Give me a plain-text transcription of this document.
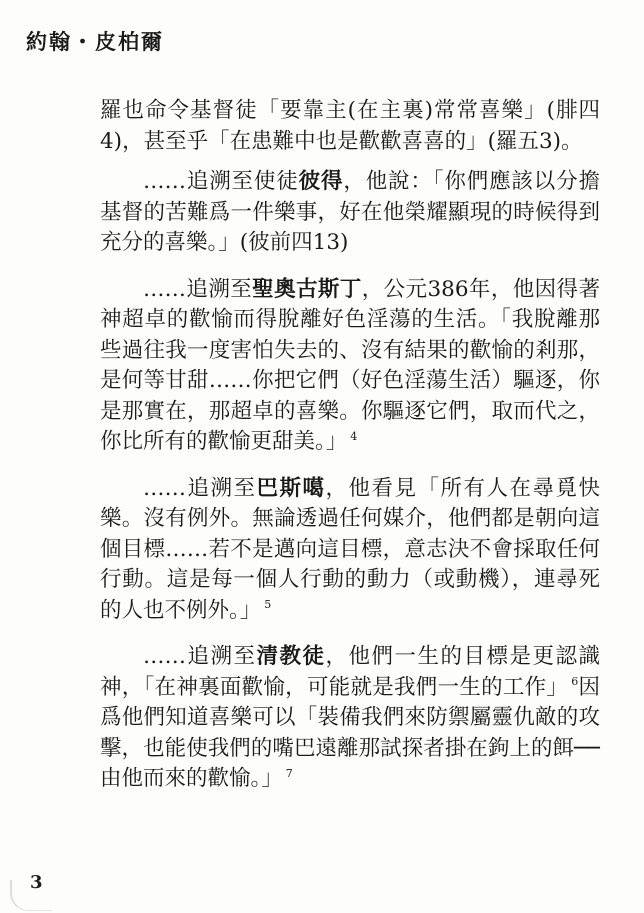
約翰・皮柏爾

羅也命令基督徒「要靠主(在主裏)常常喜樂」(腓四4)，甚至乎「在患難中也是歡歡喜喜的」(羅五3)。

……追溯至使徒彼得，他說：「你們應該以分擔基督的苦難爲一件樂事，好在他榮耀顯現的時候得到充分的喜樂。」(彼前四13)

……追溯至聖奧古斯丁，公元386年，他因得著神超卓的歡愉而得脫離好色淫蕩的生活。「我脫離那些過往我一度害怕失去的、沒有結果的歡愉的剎那，是何等甘甜……你把它們（好色淫蕩生活）驅逐，你是那實在，那超卓的喜樂。你驅逐它們，取而代之，你比所有的歡愉更甜美。」 $^4$

……追溯至巴斯噶，他看見「所有人在尋覓快樂。沒有例外。無論透過任何媒介，他們都是朝向這個目標……若不是邁向這目標，意志決不會採取任何行動。這是每一個人行動的動力（或動機），連尋死的人也不例外。」 $^5$

……追溯至清教徒，他們一生的目標是更認識神，「在神裏面歡愉，可能就是我們一生的工作」 $^6$因爲他們知道喜樂可以「裝備我們來防禦屬靈仇敵的攻擊，也能使我們的嘴巴遠離那試探者掛在鉤上的餌──由他而來的歡愉。」 $^7$

3
